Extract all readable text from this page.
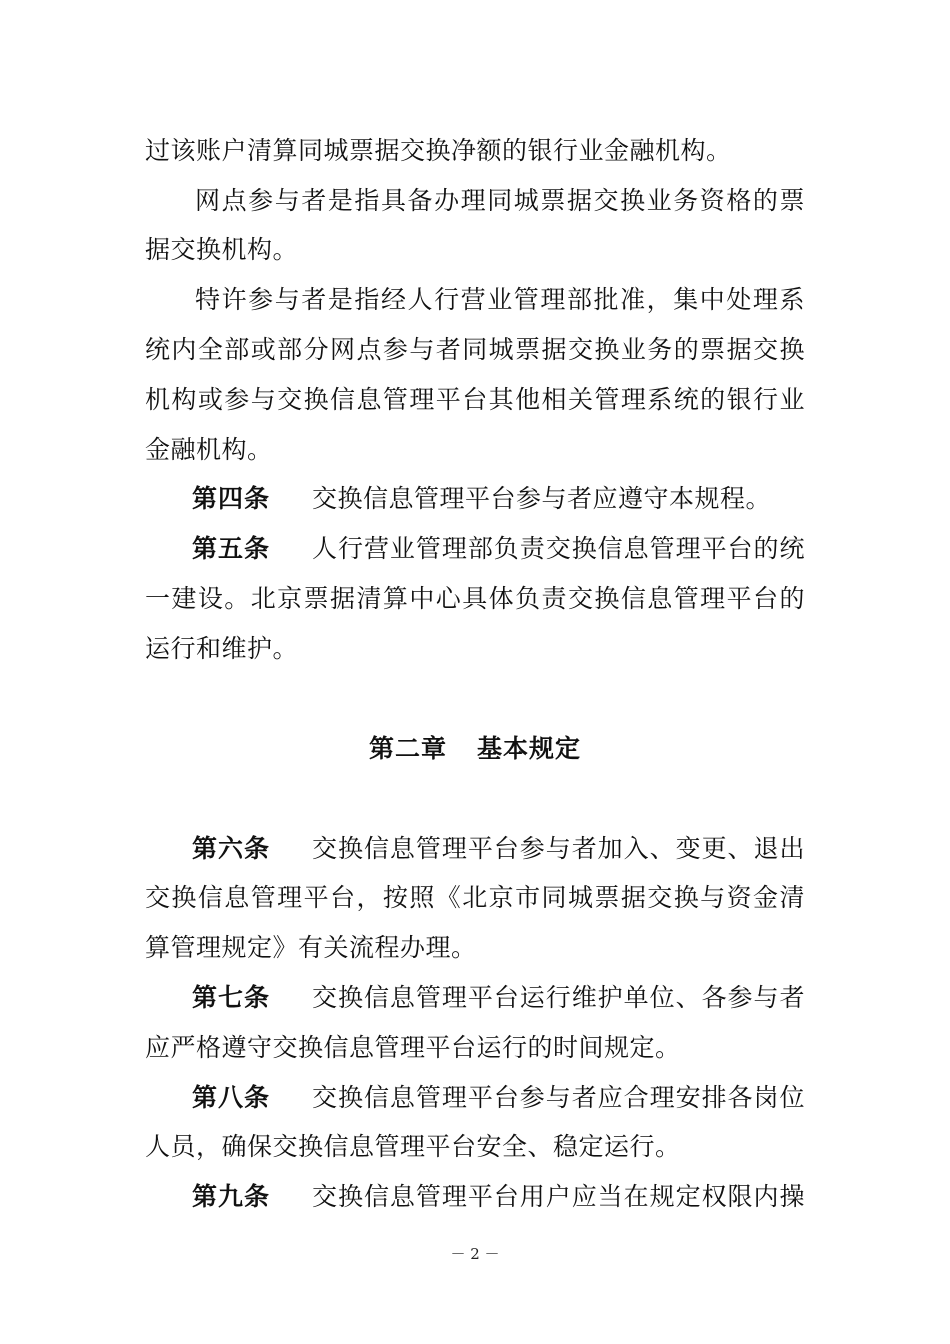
过该账户清算同城票据交换净额的银行业金融机构。
网点参与者是指具备办理同城票据交换业务资格的票
据交换机构。
特许参与者是指经人行营业管理部批准，集中处理系
统内全部或部分网点参与者同城票据交换业务的票据交换
机构或参与交换信息管理平台其他相关管理系统的银行业
金融机构。
第四条	交换信息管理平台参与者应遵守本规程。
第五条	人行营业管理部负责交换信息管理平台的统
一建设。北京票据清算中心具体负责交换信息管理平台的
运行和维护。
第二章 基本规定
第六条	交换信息管理平台参与者加入、变更、退出
交换信息管理平台，按照《北京市同城票据交换与资金清
算管理规定》有关流程办理。
第七条	交换信息管理平台运行维护单位、各参与者
应严格遵守交换信息管理平台运行的时间规定。
第八条	交换信息管理平台参与者应合理安排各岗位
人员，确保交换信息管理平台安全、稳定运行。
第九条	交换信息管理平台用户应当在规定权限内操
－ 2 －
